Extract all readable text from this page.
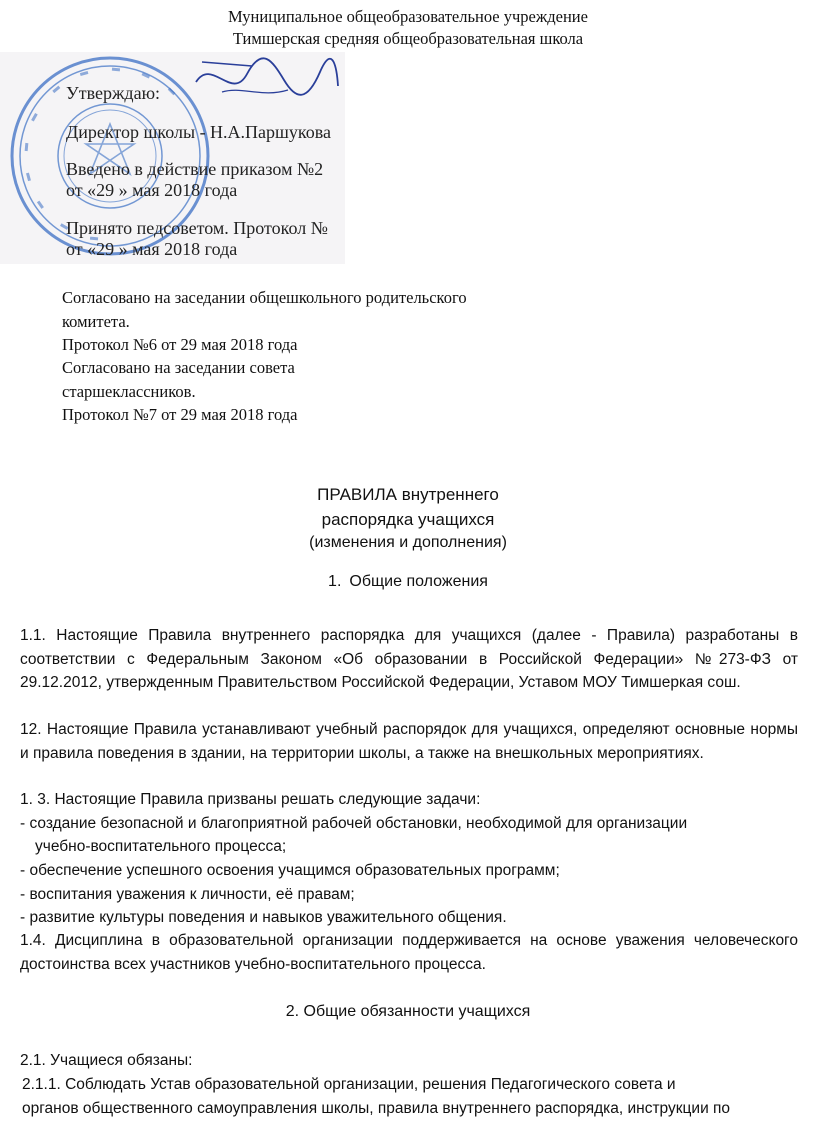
Муниципальное общеобразовательное учреждение

Тимшерская средняя общеобразовательная школа

Утверждаю:

Директор школы - Н.А.Паршукова

Введено в действие приказом №2

от «29 » мая 2018 года

Принято педсоветом. Протокол №

от «29 » мая 2018 года

Согласовано на заседании общешкольного родительского

комитета.

Протокол №6 от 29 мая 2018 года

Согласовано на заседании совета

старшеклассников.

Протокол №7 от 29 мая 2018 года

ПРАВИЛА внутреннего

распорядка учащихся

(изменения и дополнения)

1. Общие положения

1.1. Настоящие Правила внутреннего распорядка для учащихся (далее - Правила) разработаны в соответствии с Федеральным Законом «Об образовании в Российской Федерации» №273-ФЗ от 29.12.2012, утвержденным Правительством Российской Федерации, Уставом МОУ Тимшеркая сош.

12. Настоящие Правила устанавливают учебный распорядок для учащихся, определяют основные нормы и правила поведения в здании, на территории школы, а также на внешкольных мероприятиях.

1. 3. Настоящие Правила призваны решать следующие задачи:

- создание безопасной и благоприятной рабочей обстановки, необходимой для организации

учебно-воспитательного процесса;

- обеспечение успешного освоения учащимся образовательных программ;

- воспитания уважения к личности, её правам;

- развитие культуры поведения и навыков уважительного общения.

1.4. Дисциплина в образовательной организации поддерживается на основе уважения человеческого достоинства всех участников учебно-воспитательного процесса.

2. Общие обязанности учащихся

2.1. Учащиеся обязаны:

2.1.1. Соблюдать Устав образовательной организации, решения Педагогического совета и

органов общественного самоуправления школы, правила внутреннего распорядка, инструкции по
